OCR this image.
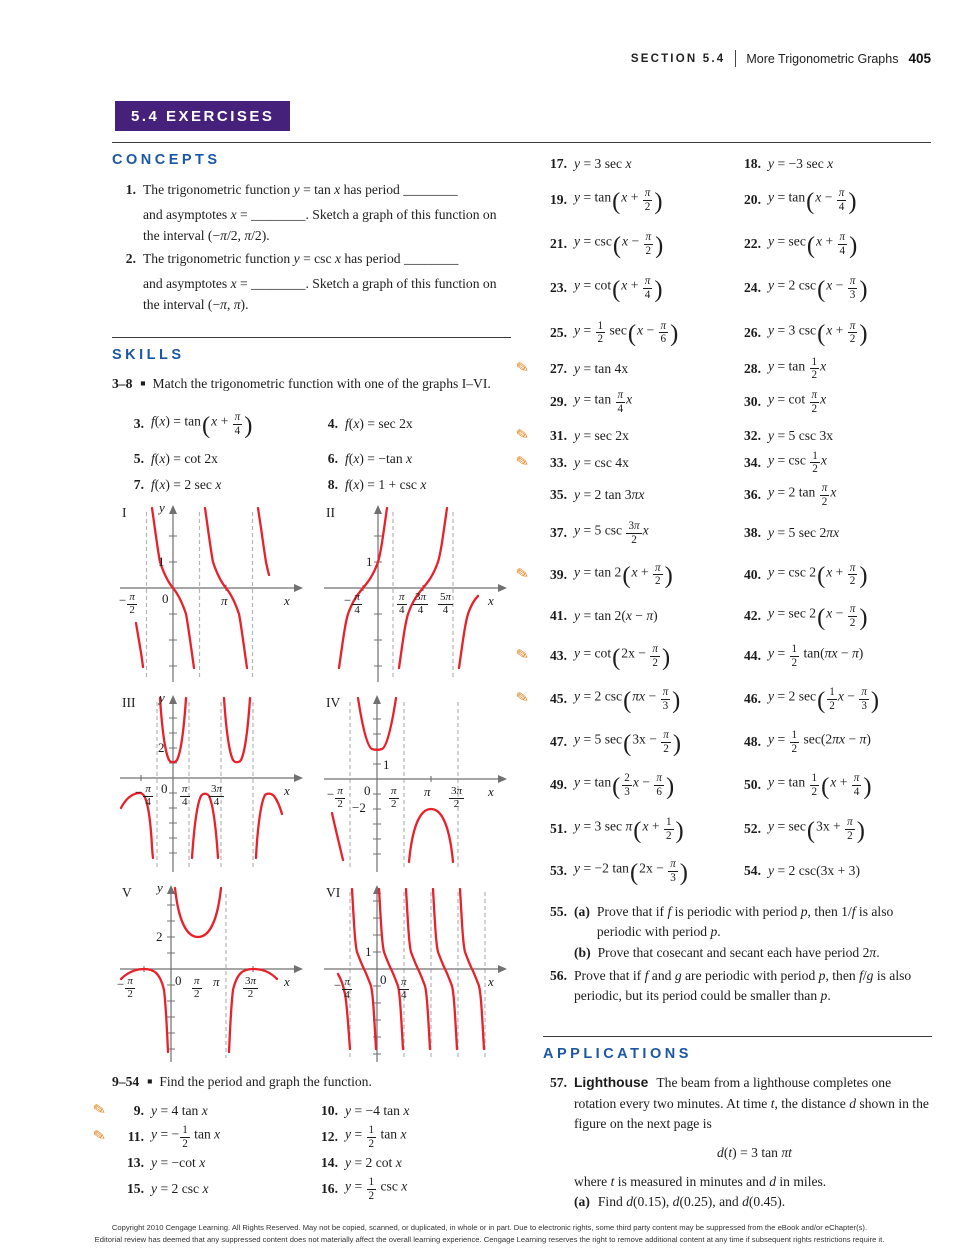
SECTION 5.4 More Trigonometric Graphs 405
5.4 EXERCISES
CONCEPTS
1. The trigonometric function y = tan x has period ________
and asymptotes x = ________. Sketch a graph of this function on the interval (−π/2, π/2).
2. The trigonometric function y = csc x has period ________
and asymptotes x = ________. Sketch a graph of this function on the interval (−π, π).
SKILLS
3–8 ■ Match the trigonometric function with one of the graphs I–VI.
3. $f(x) = \tan(x + \frac{\pi}{4}$ )	4. f(x) = sec 2x
5. f(x) = cot 2x	6. f(x) = −tan x
7. f(x) = 2 sec x	8. f(x) = 1 + csc x
I	y
x
0
1
− $\frac{\pi}{2}$	π
II
x
1
− $\frac{\pi}{4}$	$\frac{\pi}{4} \frac{3\pi}{4} \frac{5\pi}{4}$
III y
x
0
2
− $\frac{\pi}{4} \frac{\pi}{4} \frac{3\pi}{4}$
IV
x
0
1
−2
− $\frac{\pi}{2}$	$\frac{\pi}{2}$ π $\frac{3\pi}{2}$
V y
x
0
2
− $\frac{\pi}{2}$	$\frac{\pi}{2}$ π $\frac{3\pi}{2}$
VI
x
0
1
− $\frac{\pi}{4}$	$\frac{\pi}{4}$
9–54 ■ Find the period and graph the function.
✎	9. y = 4 tan x	10. y = −4 tan x
✎	11. y = − $\frac{1}{2}$ tan x	12. $y = \frac{1}{2}$ tan x
13. y = −cot x	14. y = 2 cot x
15. y = 2 csc x	16. $y = \frac{1}{2}$ csc x
17. y = 3 sec x	18. y = −3 sec x
19. $y = \tan(x + \frac{\pi}{2}$ )	20. $y = \tan(x - \frac{\pi}{4}$ )
21. $y = \csc(x - \frac{\pi}{2}$ )	22. $y = \sec(x + \frac{\pi}{4}$ )
23. $y = \cot(x + \frac{\pi}{4}$ )	24. y = 2 $\csc(x - \frac{\pi}{3}$ )
25. $y = \frac{1}{2} \sec(x - \frac{\pi}{6}$ )	26. y = 3 $\csc(x + \frac{\pi}{2}$ )
✎	27. y = tan 4x	28. $y = \tan \frac{1}{2}$ x
29. $y = \tan \frac{\pi}{4}$ x	30. $y = \cot \frac{\pi}{2}$ x
✎	31. y = sec 2x	32. y = 5 csc 3x
✎	33. y = csc 4x	34. $y = \csc \frac{1}{2}$ x
35. y = 2 tan 3πx	36. y = 2 $\tan \frac{\pi}{2}$ x
37. y = 5 $\csc \frac{3\pi}{2}$ x	38. y = 5 sec 2πx
✎	39. $y = \tan 2(x + \frac{\pi}{2}$ )	40. $y = \csc 2(x + \frac{\pi}{2}$ )
41. y = tan 2(x − π)	42. $y = \sec 2(x - \frac{\pi}{2}$ )
✎	43. $y = \cot(2x - \frac{\pi}{2}$ )	44. $y = \frac{1}{2} \tan(\pi x - \pi)$
✎	45. y = 2 $\csc(\pi x - \frac{\pi}{3}$ )	46. y = 2 $\sec( \frac{1}{2}$ $x - \frac{\pi}{3}$ )
47. y = 5 $\sec(3x - \frac{\pi}{2}$ )	48. $y = \frac{1}{2} \sec(2\pi x - \pi)$
49. $y = \tan( \frac{2}{3}$ $x - \frac{\pi}{6}$ )	50. $y = \tan \frac{1}{2} (x + \frac{\pi}{4}$ )
51. y = 3 $\sec \pi(x + \frac{1}{2}$ )	52. $y = \sec(3x + \frac{\pi}{2}$ )
53. y = −2 $\tan(2x - \frac{\pi}{3}$ )	54. y = 2 csc(3x + 3)
55. (a) Prove that if f is periodic with period p, then 1/f is also periodic with period p.
(b) Prove that cosecant and secant each have period 2π.
56. Prove that if f and g are periodic with period p, then f/g is also periodic, but its period could be smaller than p.
APPLICATIONS
57. Lighthouse The beam from a lighthouse completes one rotation every two minutes. At time t, the distance d shown in the figure on the next page is
d(t) = 3 tan πt
where t is measured in minutes and d in miles.
(a) Find d(0.15), d(0.25), and d(0.45).
Copyright 2010 Cengage Learning. All Rights Reserved. May not be copied, scanned, or duplicated, in whole or in part. Due to electronic rights, some third party content may be suppressed from the eBook and/or eChapter(s).
Editorial review has deemed that any suppressed content does not materially affect the overall learning experience. Cengage Learning reserves the right to remove additional content at any time if subsequent rights restrictions require it.
